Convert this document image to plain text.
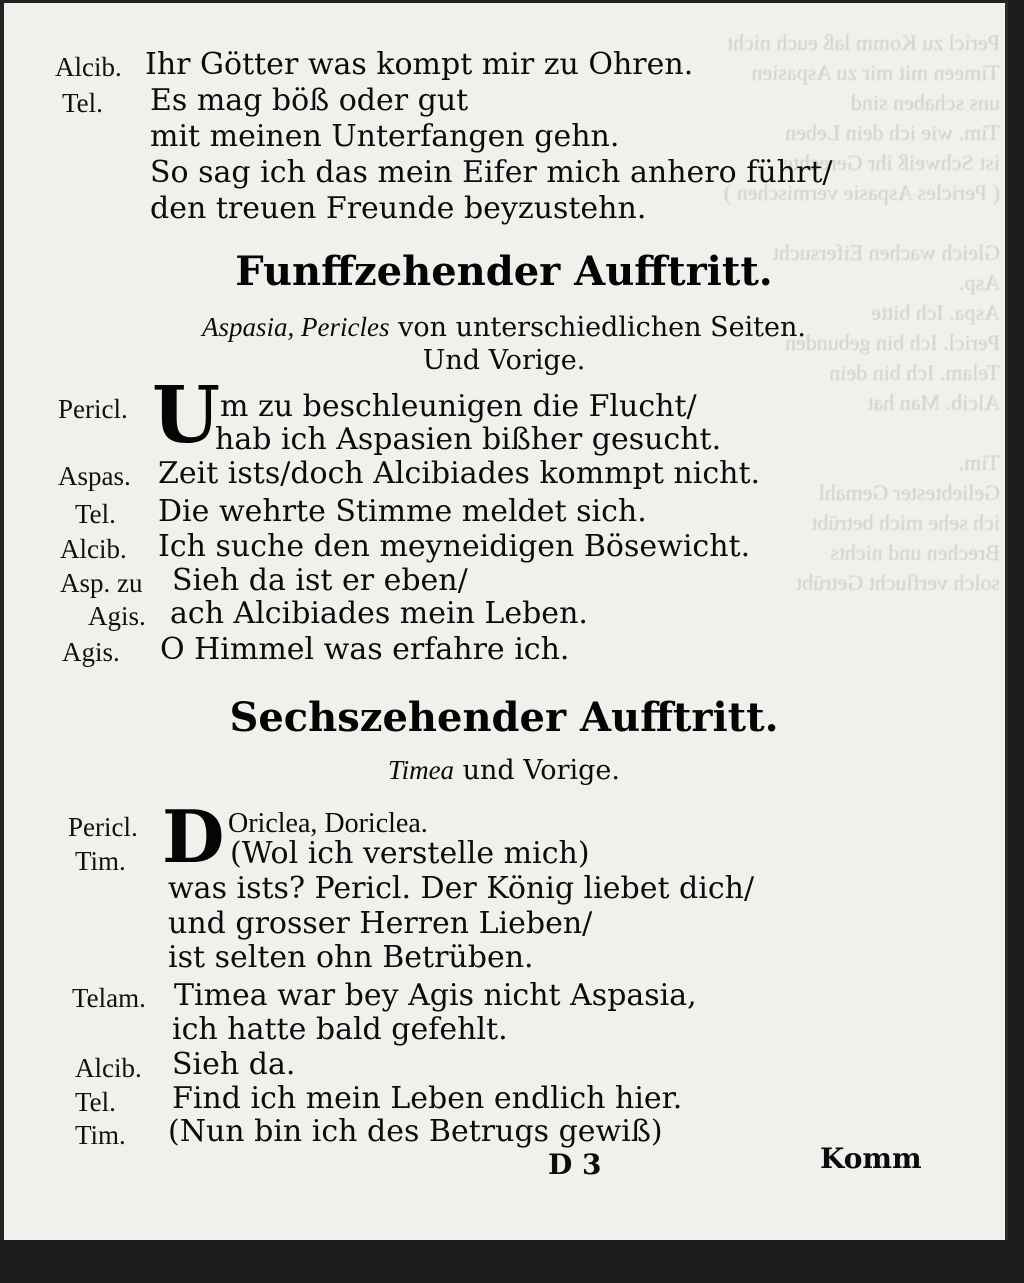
Pericl zu Komm laß euch nicht
Timeen mit mir zu Aspasien
uns schaben sind
Tim. wie ich dein Leben
ist Schweiß ihr Gerechte
( Pericles Aspasie vermischen )

Gleich wachen Eifersucht
Asp.
Aspa. Ich bitte
Pericl. Ich bin gebunden
Telam. Ich bin dein
Alcib. Man hat

Tim.
Geliebtester Gemahl
ich sehe mich betrübt
Brechen und nichts
solch verflucht Getrübt
Alcib. Ihr Götter was kompt mir zu Ohren.
Tel. Es mag böß oder gut
mit meinen Unterfangen gehn.
So sag ich das mein Eifer mich anhero führt/
den treuen Freunde beyzustehn.
Funffzehender Aufftritt.
Aspasia, Pericles von unterschiedlichen Seiten.
Und Vorige.
U
Pericl.	m zu beschleunigen die Flucht/
hab ich Aspasien bißher gesucht.
Aspas. Zeit ists/doch Alcibiades kommpt nicht.
Tel. Die wehrte Stimme meldet sich.
Alcib. Ich suche den meyneidigen Bösewicht.
Asp. zu Sieh da ist er eben/
Agis. ach Alcibiades mein Leben.
Agis. O Himmel was erfahre ich.
Sechszehender Aufftritt.
Timea und Vorige.
D
Pericl.	Oriclea, Doriclea.
Tim.	(Wol ich verstelle mich)
was ists? Pericl. Der König liebet dich/
und grosser Herren Lieben/
ist selten ohn Betrüben.
Telam. Timea war bey Agis nicht Aspasia,
ich hatte bald gefehlt.
Alcib. Sieh da.
Tel. Find ich mein Leben endlich hier.
Tim. (Nun bin ich des Betrugs gewiß)
D 3	Komm
